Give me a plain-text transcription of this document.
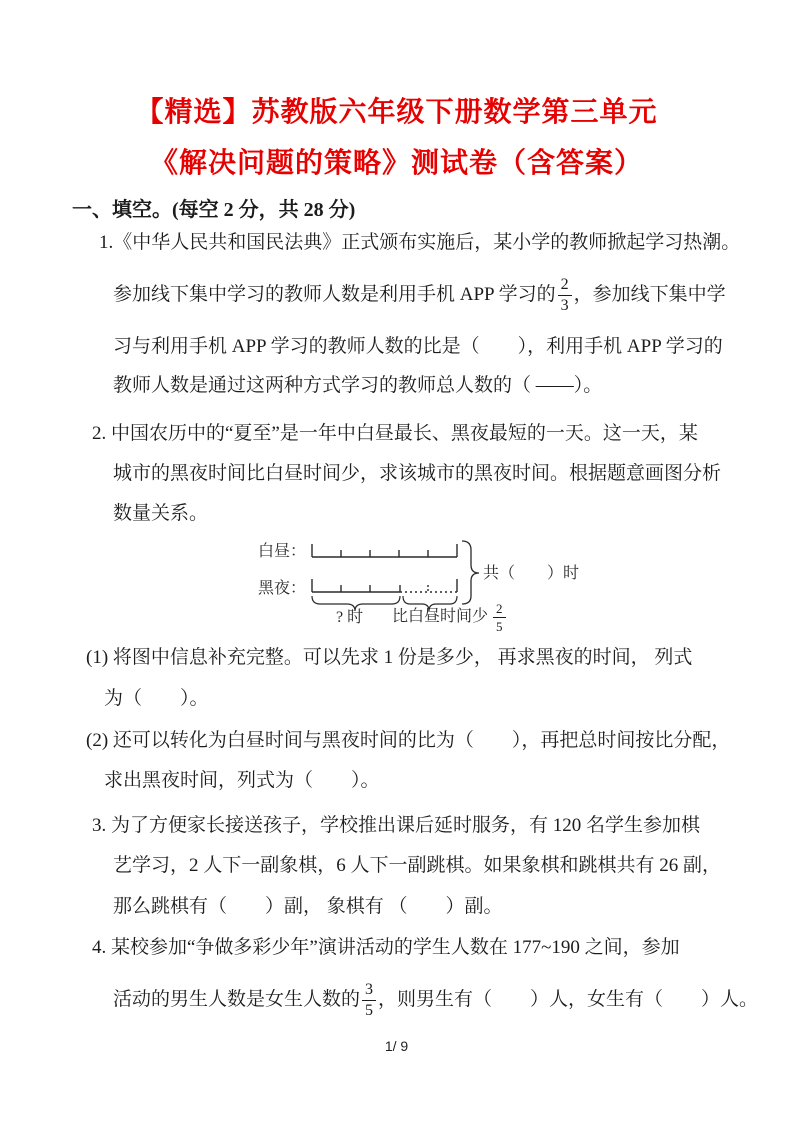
【精选】苏教版六年级下册数学第三单元
《解决问题的策略》测试卷（含答案）
一、填空。(每空 2 分，共 28 分)
1.《中华人民共和国民法典》正式颁布实施后，某小学的教师掀起学习热潮。
参加线下集中学习的教师人数是利用手机 APP 学习的 $\frac{2}{3}$ ，参加线下集中学
习与利用手机 APP 学习的教师人数的比是（　　），利用手机 APP 学习的
教师人数是通过这两种方式学习的教师总人数的（ ——）。
2. 中国农历中的“夏至”是一年中白昼最长、黑夜最短的一天。这一天，某
城市的黑夜时间比白昼时间少，求该城市的黑夜时间。根据题意画图分析
数量关系。
白昼：
黑夜：
共（　　）时
? 时 比白昼时间少 $\frac{2}{5}$
(1) 将图中信息补充完整。可以先求 1 份是多少， 再求黑夜的时间， 列式
为（　　）。
(2) 还可以转化为白昼时间与黑夜时间的比为（　　），再把总时间按比分配，
求出黑夜时间，列式为（　　）。
3. 为了方便家长接送孩子，学校推出课后延时服务，有 120 名学生参加棋
艺学习，2 人下一副象棋，6 人下一副跳棋。如果象棋和跳棋共有 26 副，
那么跳棋有（　　）副， 象棋有 （　　）副。
4. 某校参加“争做多彩少年”演讲活动的学生人数在 177~190 之间，参加
活动的男生人数是女生人数的 $\frac{3}{5}$ ，则男生有（　　）人，女生有（　　）人。
1/ 9
